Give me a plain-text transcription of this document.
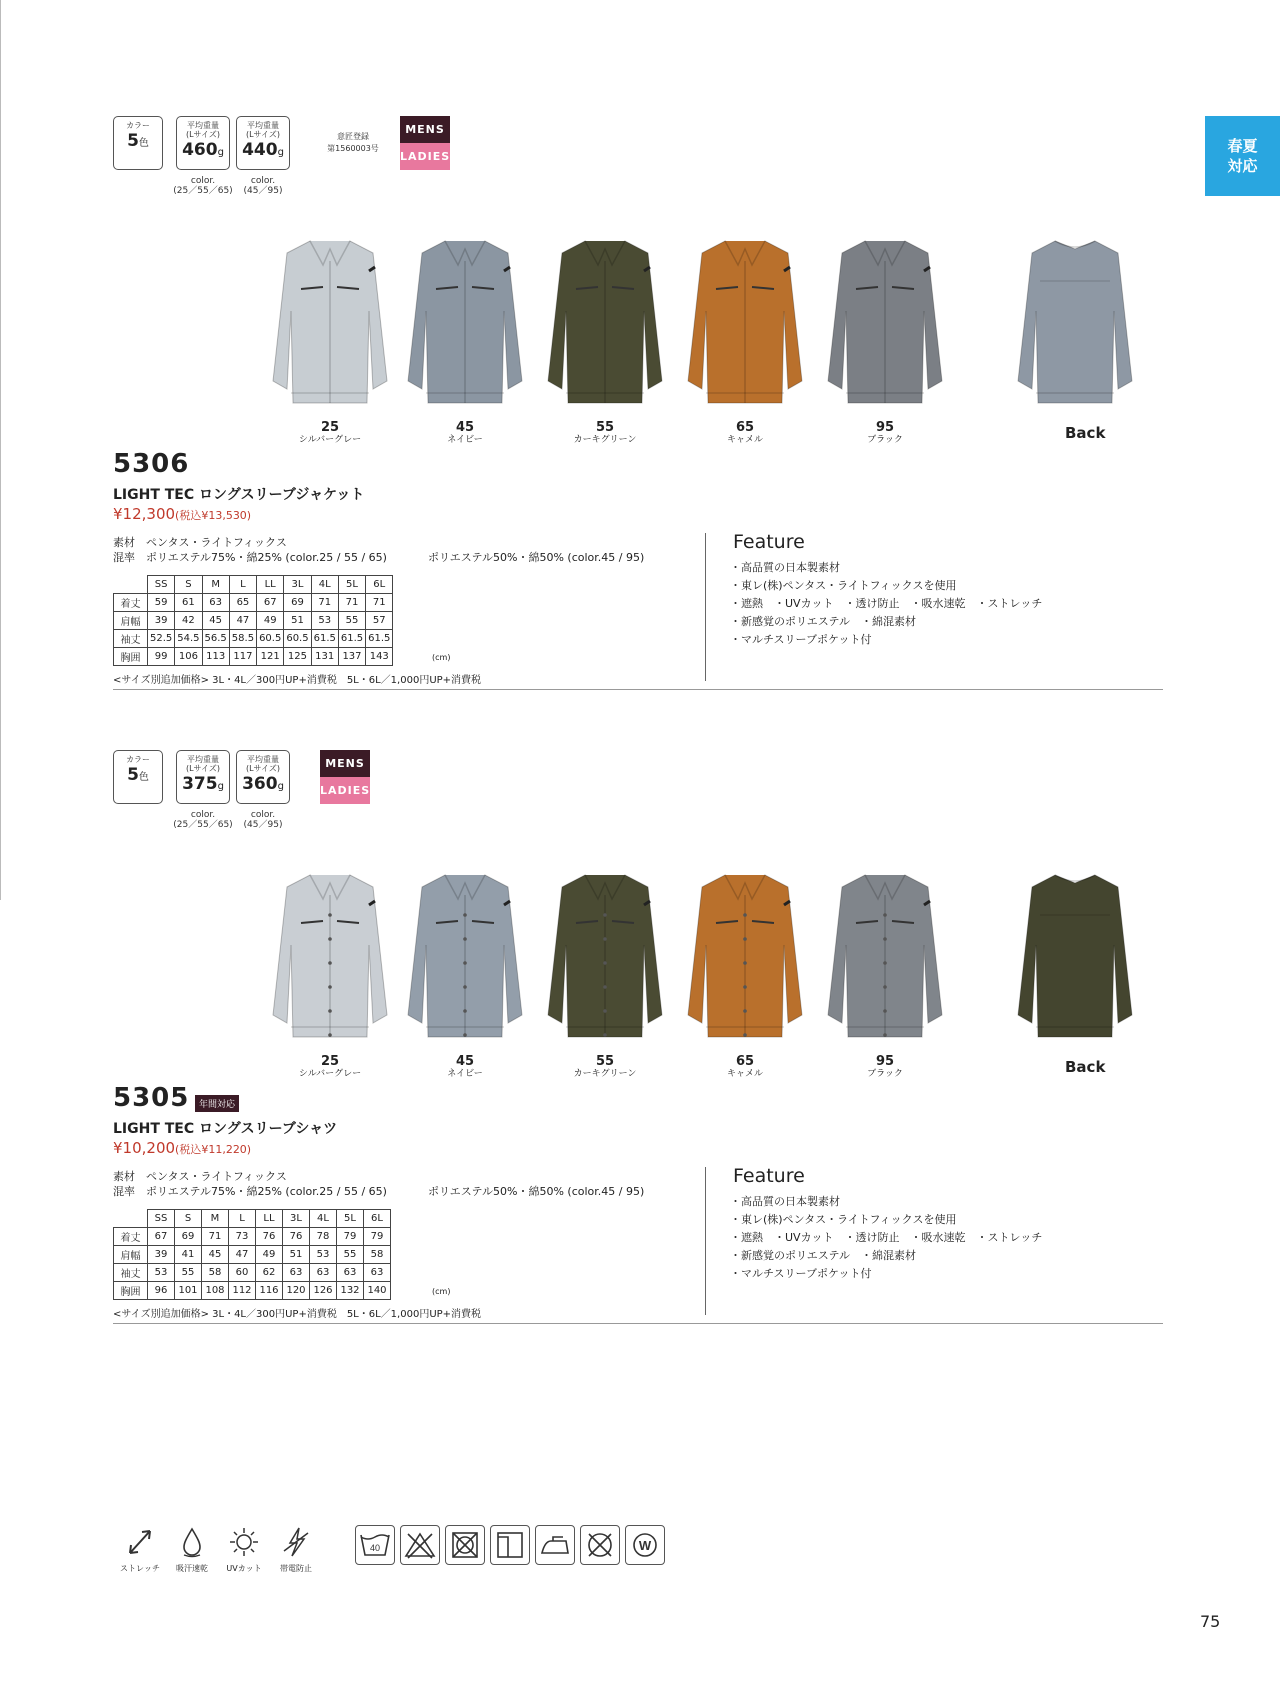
春夏
対応
カラー
5色
平均重量
(Lサイズ)
460g
color.
(25／55／65)
平均重量
(Lサイズ)
440g
color.
(45／95)
意匠登録
第1560003号
MENS
LADIES
25
シルバーグレー
45
ネイビー
55
カーキグリーン
65
キャメル
95
ブラック	Back
5306
LIGHT TEC ロングスリーブジャケット
¥12,300(税込¥13,530)
素材　ペンタス・ライトフィックス
混率　ポリエステル75%・綿25% (color.25 / 55 / 65)	ポリエステル50%・綿50% (color.45 / 95)
	SS	S	M	L	LL	3L	4L	5L	6L
着丈	59	61	63	65	67	69	71	71	71
肩幅	39	42	45	47	49	51	53	55	57
袖丈	52.5	54.5	56.5	58.5	60.5	60.5	61.5	61.5	61.5
胸囲	99	106	113	117	121	125	131	137	143	(cm)
<サイズ別追加価格> 3L・4L／300円UP+消費税　5L・6L／1,000円UP+消費税
Feature
・高品質の日本製素材
・東レ(株)ペンタス・ライトフィックスを使用
・遮熱　・UVカット　・透け防止　・吸水速乾　・ストレッチ
・新感覚のポリエステル　・綿混素材
・マルチスリーブポケット付
カラー
5色
平均重量
(Lサイズ)
375g
color.
(25／55／65)
平均重量
(Lサイズ)
360g
color.
(45／95)
MENS
LADIES
25
シルバーグレー
45
ネイビー
55
カーキグリーン
65
キャメル
95
ブラック	Back
5305	年間対応
LIGHT TEC ロングスリーブシャツ
¥10,200(税込¥11,220)
素材　ペンタス・ライトフィックス
混率　ポリエステル75%・綿25% (color.25 / 55 / 65)	ポリエステル50%・綿50% (color.45 / 95)
	SS	S	M	L	LL	3L	4L	5L	6L
着丈	67	69	71	73	76	76	78	79	79
肩幅	39	41	45	47	49	51	53	55	58
袖丈	53	55	58	60	62	63	63	63	63
胸囲	96	101	108	112	116	120	126	132	140	(cm)
<サイズ別追加価格> 3L・4L／300円UP+消費税　5L・6L／1,000円UP+消費税
Feature
・高品質の日本製素材
・東レ(株)ペンタス・ライトフィックスを使用
・遮熱　・UVカット　・透け防止　・吸水速乾　・ストレッチ
・新感覚のポリエステル　・綿混素材
・マルチスリーブポケット付
ストレッチ	吸汗速乾	UVカット	帯電防止
40	W
75
